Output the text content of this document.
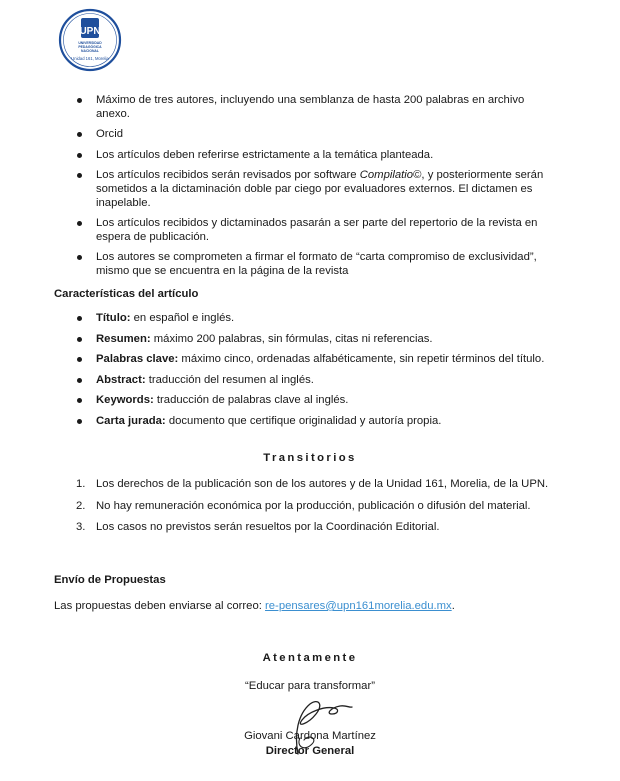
UPN
UNIVERSIDAD
PEDAGÓGICA
NACIONAL
Unidad 161, Morelia
Máximo de tres autores, incluyendo una semblanza de hasta 200 palabras en archivo anexo.
Orcid
Los artículos deben referirse estrictamente a la temática planteada.
Los artículos recibidos serán revisados por software Compilatio©, y posteriormente serán sometidos a la dictaminación doble par ciego por evaluadores externos. El dictamen es inapelable.
Los artículos recibidos y dictaminados pasarán a ser parte del repertorio de la revista en espera de publicación.
Los autores se comprometen a firmar el formato de “carta compromiso de exclusividad”, mismo que se encuentra en la página de la revista
Características del artículo
Título: en español e inglés.
Resumen: máximo 200 palabras, sin fórmulas, citas ni referencias.
Palabras clave: máximo cinco, ordenadas alfabéticamente, sin repetir términos del título.
Abstract: traducción del resumen al inglés.
Keywords: traducción de palabras clave al inglés.
Carta jurada: documento que certifique originalidad y autoría propia.
Transitorios
1. Los derechos de la publicación son de los autores y de la Unidad 161, Morelia, de la UPN.
2. No hay remuneración económica por la producción, publicación o difusión del material.
3. Los casos no previstos serán resueltos por la Coordinación Editorial.
Envío de Propuestas
Las propuestas deben enviarse al correo: re-pensares@upn161morelia.edu.mx.
Atentamente
“Educar para transformar”
Giovani Cardona Martínez
Director General
